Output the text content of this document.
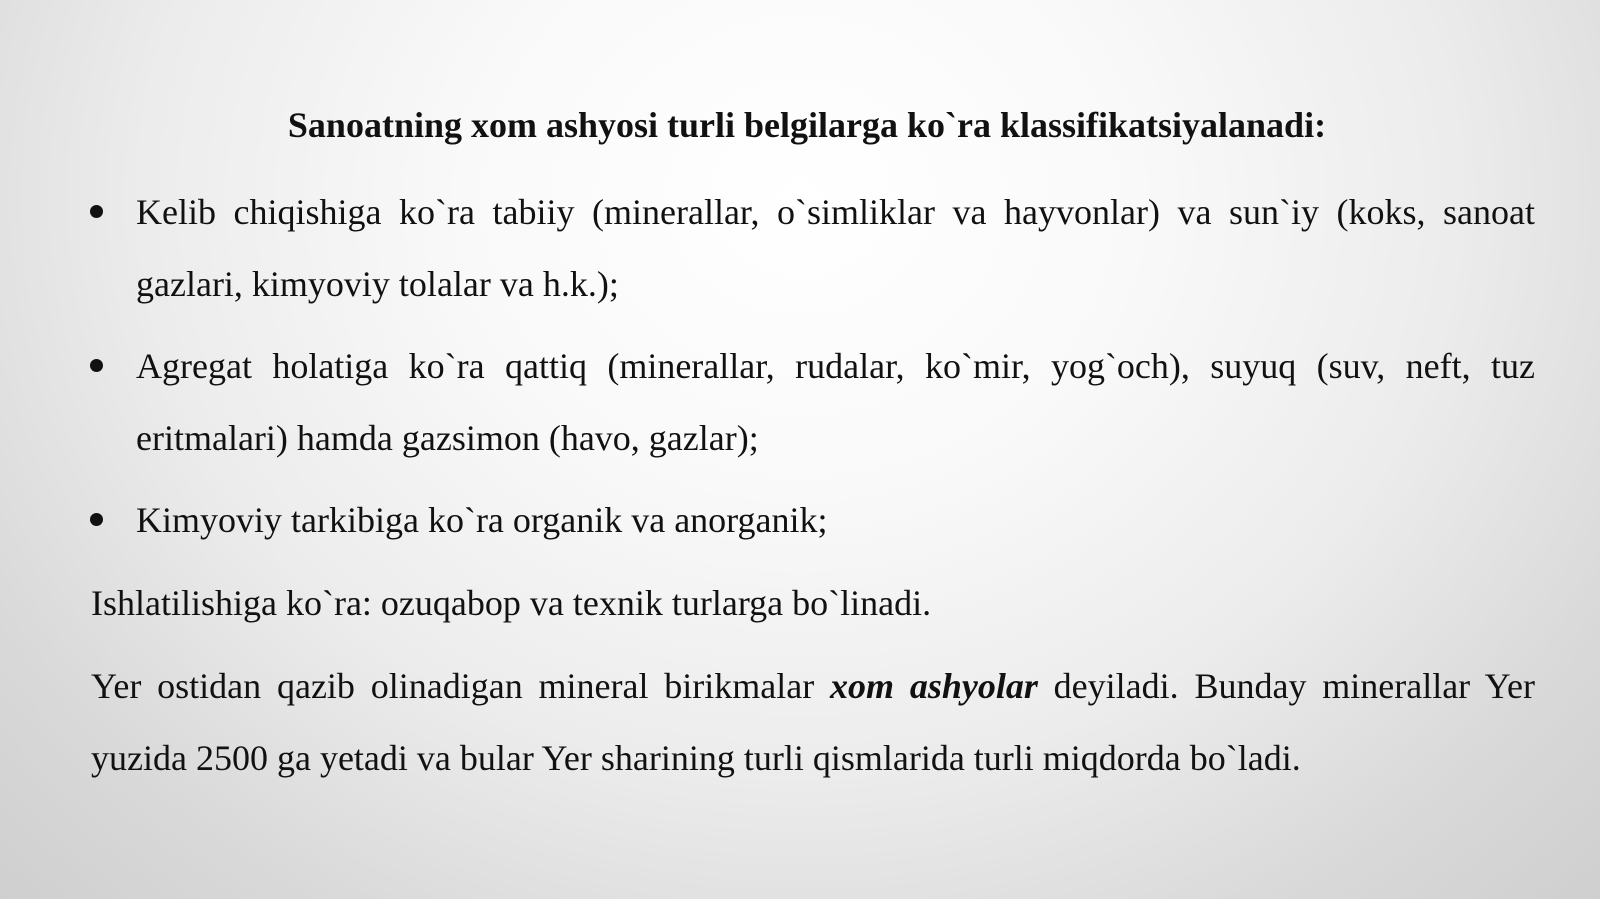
Sanoatning xom ashyosi turli belgilarga ko`ra klassifikatsiyalanadi:
Kelib chiqishiga ko`ra tabiiy (minerallar, o`simliklar va hayvonlar) va sun`iy (koks, sanoat gazlari, kimyoviy tolalar va h.k.);
Agregat holatiga ko`ra qattiq (minerallar, rudalar, ko`mir, yog`och), suyuq (suv, neft, tuz eritmalari) hamda gazsimon (havo, gazlar);
Kimyoviy tarkibiga ko`ra organik va anorganik;

Ishlatilishiga ko`ra: ozuqabop va texnik turlarga bo`linadi.

Yer ostidan qazib olinadigan mineral birikmalar xom ashyolar deyiladi. Bunday minerallar Yer yuzida 2500 ga yetadi va bular Yer sharining turli qismlarida turli miqdorda bo`ladi.
